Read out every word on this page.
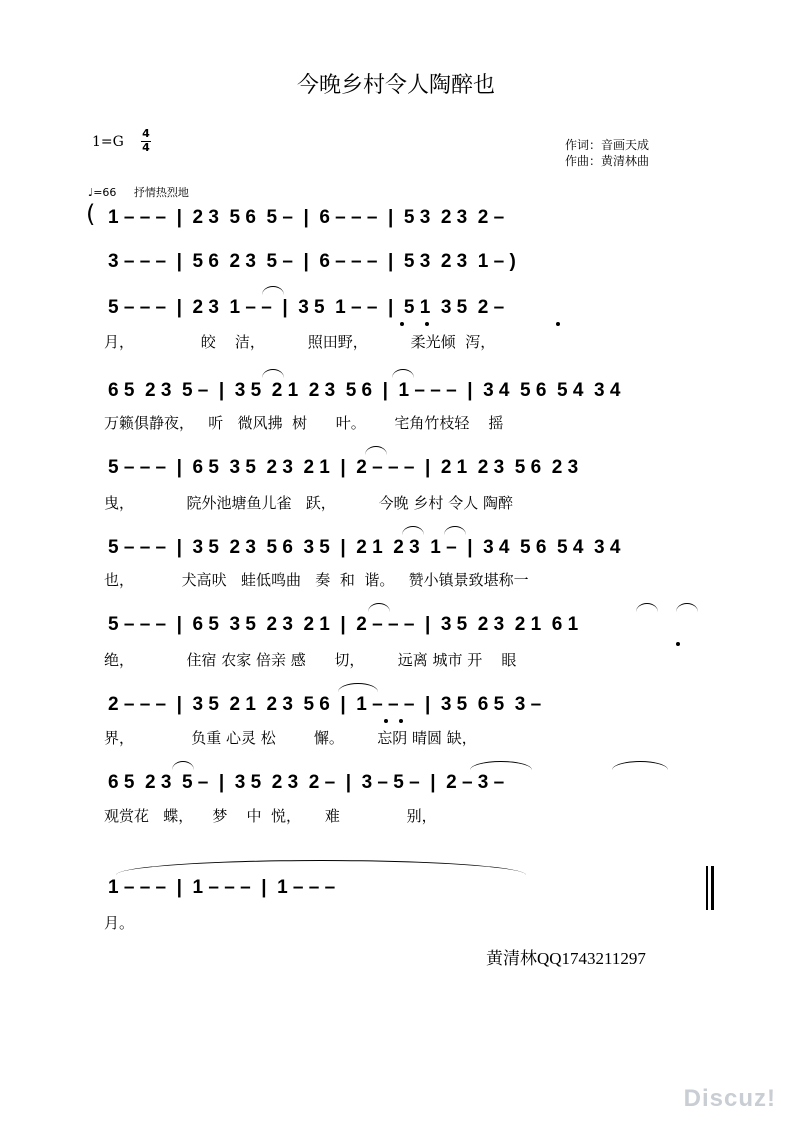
今晚乡村令人陶醉也
1=G
4
4	作词：音画天成
作曲：黄清林曲
♩=66 抒情热烈地
( 1 – – –  |  2 3  5 6  5 –  |  6 – – –  |  5 3  2 3  2 –
3 – – –  |  5 6  2 3  5 –  |  6 – – –  |  5 3  2 3  1 – )
5 – – –  |  2 3  1 – –  |  3 5  1 – –  |  5 1  3 5  2 –
月，              皎    洁，         照田野，         柔光倾  泻，
6 5  2 3  5 –  |  3 5  2 1  2 3  5 6  |  1 – – –  |  3 4  5 6  5 4  3 4
万籁俱静夜，   听   微风拂  树      叶。      宅角竹枝轻    摇
5 – – –  |  6 5  3 5  2 3  2 1  |  2 – – –  |  2 1  2 3  5 6  2 3
曳，           院外池塘鱼儿雀   跃，         今晚 乡村 令人 陶醉
5 – – –  |  3 5  2 3  5 6  3 5  |  2 1  2 3  1 –  |  3 4  5 6  5 4  3 4
也，          犬高吠   蛙低鸣曲   奏  和  谐。   赞小镇景致堪称一
5 – – –  |  6 5  3 5  2 3  2 1  |  2 – – –  |  3 5  2 3  2 1  6 1
绝，           住宿 农家 倍亲 感      切，       远离 城市 开    眼
2 – – –  |  3 5  2 1  2 3  5 6  |  1 – – –  |  3 5  6 5  3 –
界，            负重 心灵 松        懈。       忘阴 晴圆 缺，
6 5  2 3  5 –  |  3 5  2 3  2 –  |  3 – 5 –  |  2 – 3 –
观赏花   蝶，    梦    中  悦，     难              别，
1 – – –  |  1 – – –  |  1 – – –
月。
黄清林QQ1743211297
Discuz!
